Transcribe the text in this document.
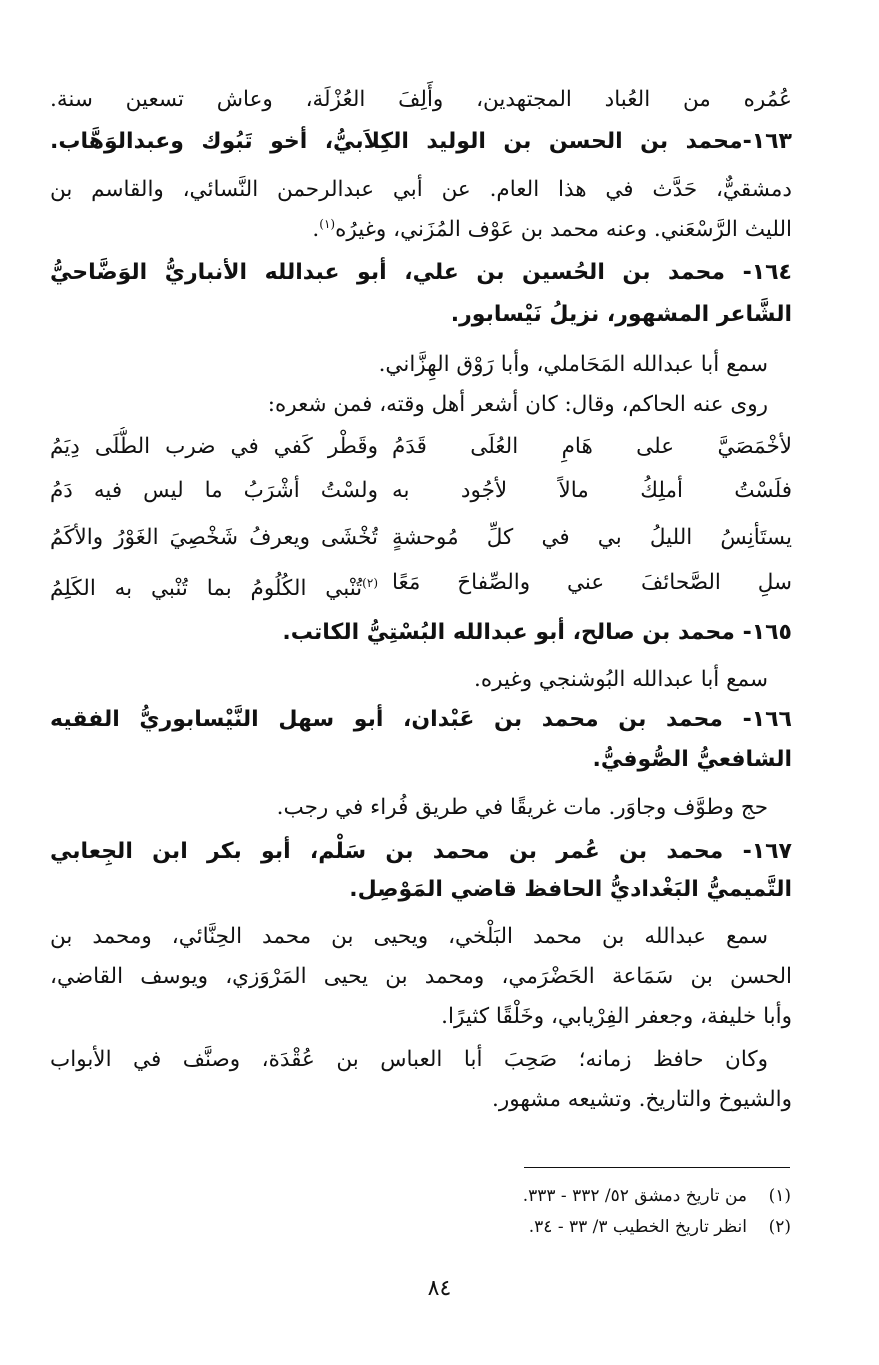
عُمُره من العُباد المجتهدين، وأَلِفَ العُزْلَة، وعاش تسعين سنة.
١٦٣-محمد بن الحسن بن الوليد الكِلاَبيُّ، أخو تَبُوك وعبدالوَهَّاب.
دمشقيٌّ، حَدَّث في هذا العام. عن أبي عبدالرحمن النَّسائي، والقاسم بن
الليث الرَّسْعَني. وعنه محمد بن عَوْف المُزَني، وغيرُه$^{(١)}$.
١٦٤- محمد بن الحُسين بن علي، أبو عبدالله الأنباريُّ الوَضَّاحيُّ
الشَّاعر المشهور، نزيلُ نَيْسابور.
سمع أبا عبدالله المَحَاملي، وأبا رَوْق الهِزَّاني.
روى عنه الحاكم، وقال: كان أشعر أهل وقته، فمن شعره:
لأخْمَصَيَّ على هَامِ العُلَى قَدَمُ
وقَطْر كَفي في ضرب الطُّلَى دِيَمُ
فلَسْتُ أملِكُ مالاً لأجُود به
ولسْتُ أشْرَبُ ما ليس فيه دَمُ
يستَأنِسُ الليلُ بي في كلِّ مُوحشةٍ
تُخْشَى ويعرفُ شَخْصِيَ الغَوْرُ والأكَمُ
سلِ الصَّحائفَ عني والصِّفاحَ مَعًا
$^{(٢)}$تُنْبي الكُلُومُ بما تُنْبي به الكَلِمُ
١٦٥- محمد بن صالح، أبو عبدالله البُسْتِيُّ الكاتب.
سمع أبا عبدالله البُوشنجي وغيره.
١٦٦- محمد بن محمد بن عَبْدان، أبو سهل النَّيْسابوريُّ الفقيه
الشافعيُّ الصُّوفيُّ.
حج وطوَّف وجاوَر. مات غريقًا في طريق فُراء في رجب.
١٦٧- محمد بن عُمر بن محمد بن سَلْم، أبو بكر ابن الجِعابي
التَّميميُّ البَغْداديُّ الحافظ قاضي المَوْصِل.
سمع عبدالله بن محمد البَلْخي، ويحيى بن محمد الحِنَّائي، ومحمد بن
الحسن بن سَمَاعة الحَضْرَمي، ومحمد بن يحيى المَرْوَزي، ويوسف القاضي،
وأبا خليفة، وجعفر الفِرْيابي، وخَلْقًا كثيرًا.
وكان حافظ زمانه؛ صَحِبَ أبا العباس بن عُقْدَة، وصنَّف في الأبواب
والشيوخ والتاريخ. وتشيعه مشهور.
(١)من تاريخ دمشق ٥٢/ ٣٣٢ - ٣٣٣.
(٢)انظر تاريخ الخطيب ٣/ ٣٣ - ٣٤.
٨٤
